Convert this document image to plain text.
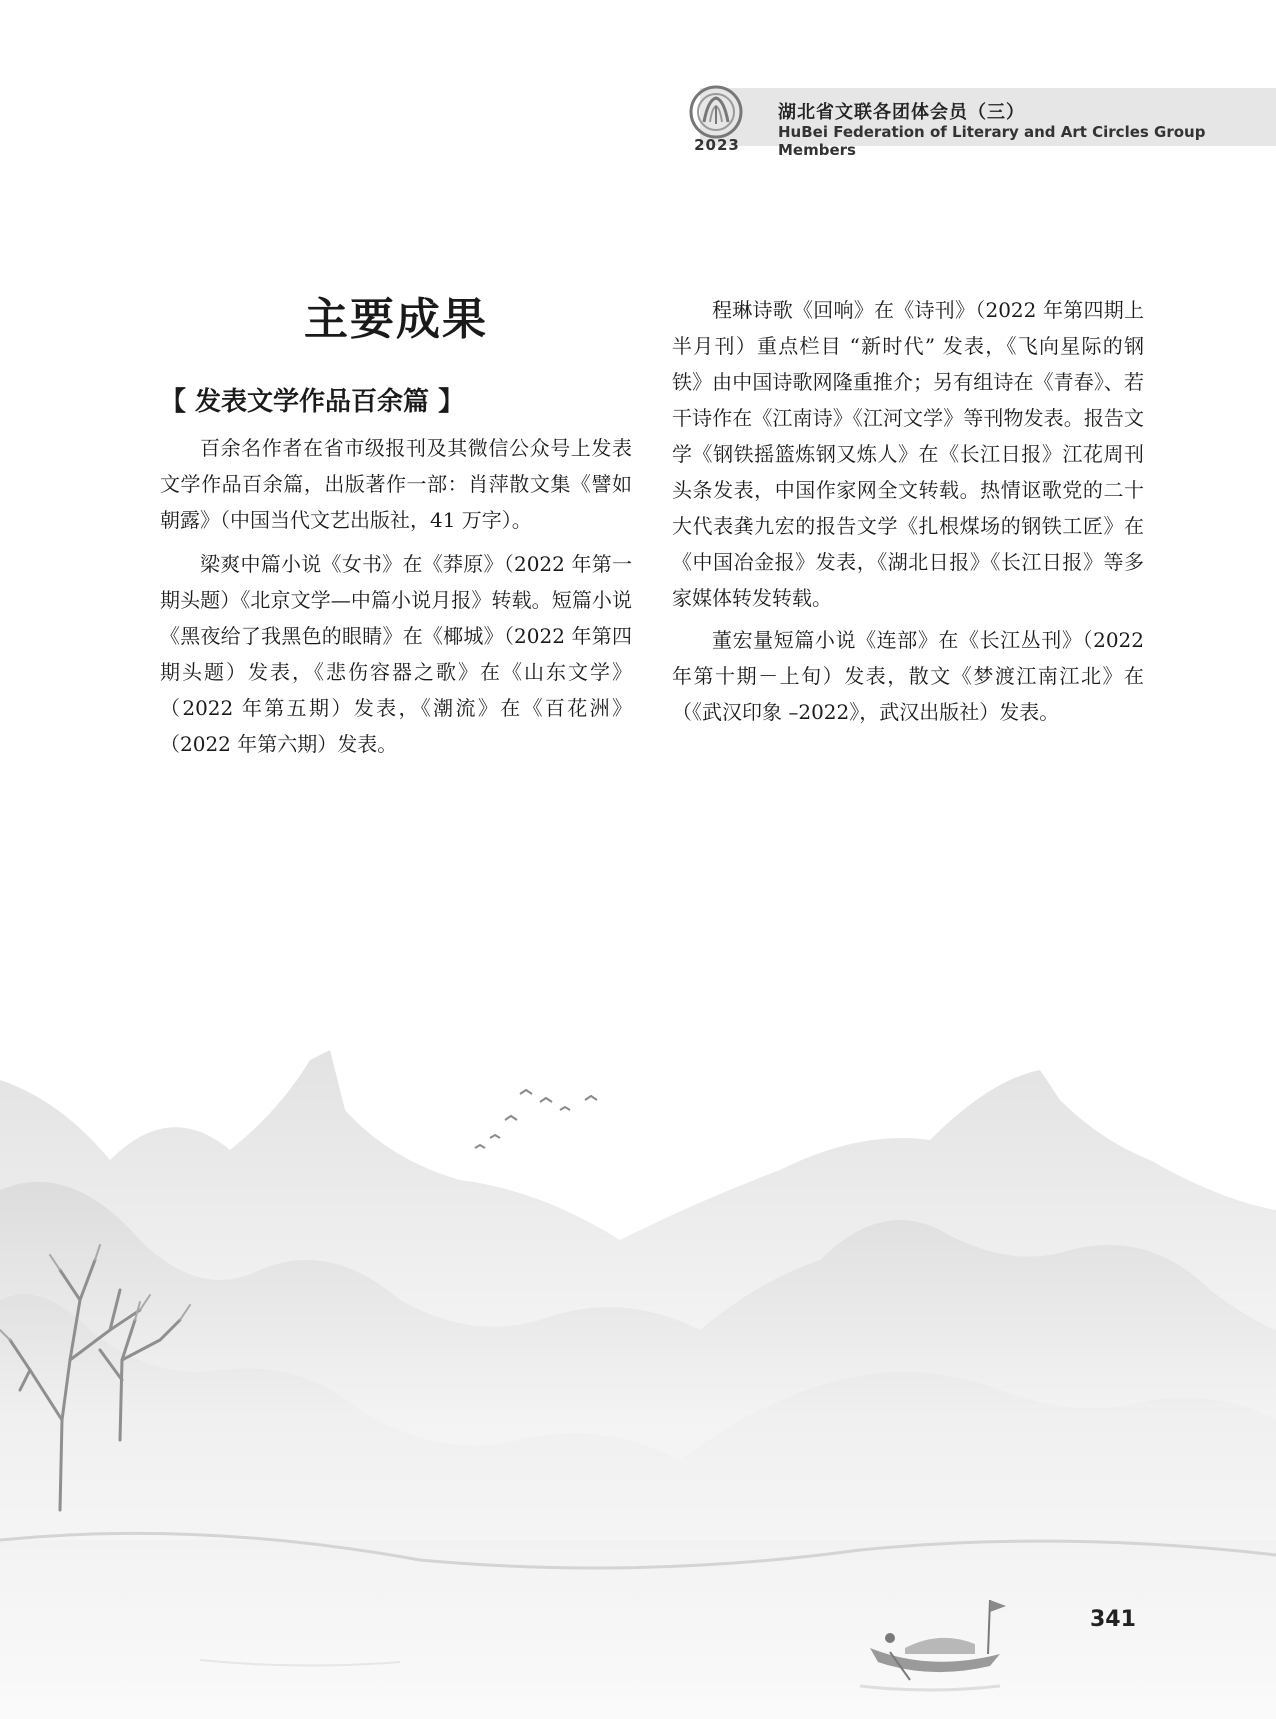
2023
湖北省文联各团体会员（三）
HuBei Federation of Literary and Art Circles Group Members
主要成果
【 发表文学作品百余篇 】

百余名作者在省市级报刊及其微信公众号上发表文学作品百余篇，出版著作一部：肖萍散文集《譬如朝露》（中国当代文艺出版社，41 万字）。

梁爽中篇小说《女书》在《莽原》（2022 年第一期头题）《北京文学—中篇小说月报》转载。短篇小说《黑夜给了我黑色的眼睛》在《椰城》（2022 年第四期头题）发表，《悲伤容器之歌》在《山东文学》（2022 年第五期）发表，《潮流》在《百花洲》（2022 年第六期）发表。

程琳诗歌《回响》在《诗刊》（2022 年第四期上半月刊）重点栏目 “新时代” 发表，《飞向星际的钢铁》由中国诗歌网隆重推介；另有组诗在《青春》、若干诗作在《江南诗》《江河文学》等刊物发表。报告文学《钢铁摇篮炼钢又炼人》在《长江日报》江花周刊头条发表，中国作家网全文转载。热情讴歌党的二十大代表龚九宏的报告文学《扎根煤场的钢铁工匠》在《中国冶金报》发表，《湖北日报》《长江日报》等多家媒体转发转载。

董宏量短篇小说《连部》在《长江丛刊》（2022 年第十期－上旬）发表，散文《梦渡江南江北》在（《武汉印象 –2022》，武汉出版社）发表。

341
